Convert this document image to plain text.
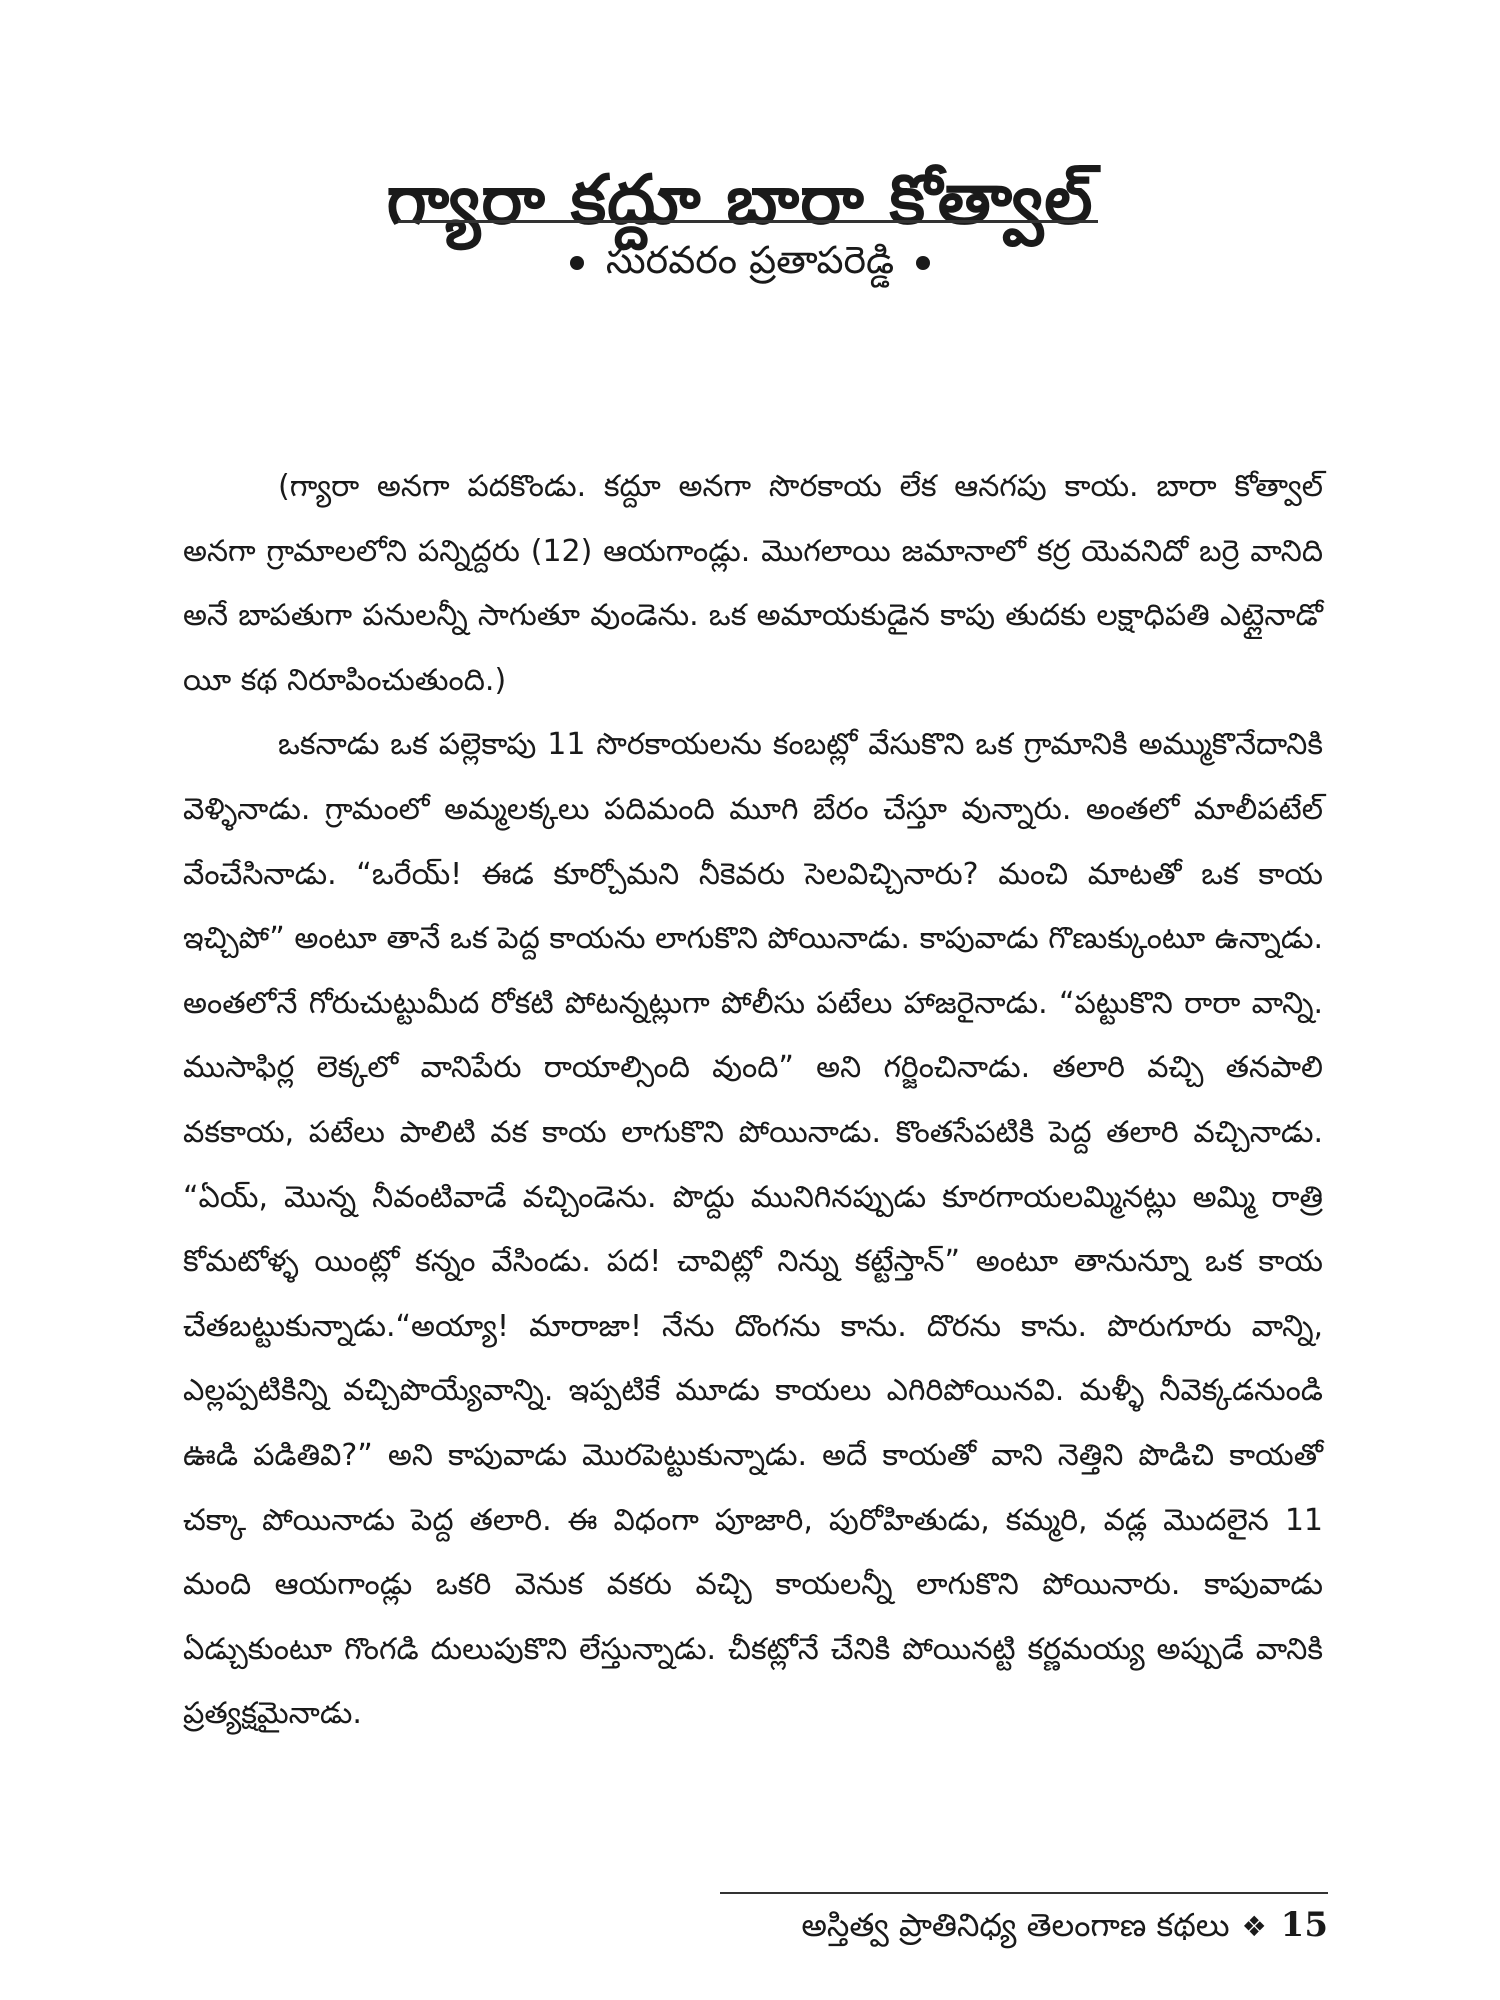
గ్యారా కద్దూ బారా కోత్వాల్
సురవరం ప్రతాపరెడ్డి

(గ్యారా అనగా పదకొండు. కద్దూ అనగా సొరకాయ లేక ఆనగపు కాయ. బారా కోత్వాల్ అనగా గ్రామాలలోని పన్నిద్దరు (12) ఆయగాండ్లు. మొగలాయి జమానాలో కర్ర యెవనిదో బర్రె వానిది అనే బాపతుగా పనులన్నీ సాగుతూ వుండెను. ఒక అమాయకుడైన కాపు తుదకు లక్షాధిపతి ఎట్లైనాడో యీ కథ నిరూపించుతుంది.)

ఒకనాడు ఒక పల్లెకాపు 11 సొరకాయలను కంబట్లో వేసుకొని ఒక గ్రామానికి అమ్ముకొనేదానికి వెళ్ళినాడు. గ్రామంలో అమ్మలక్కలు పదిమంది మూగి బేరం చేస్తూ వున్నారు. అంతలో మాలీపటేల్ వేంచేసినాడు. “ఒరేయ్! ఈడ కూర్చోమని నీకెవరు సెలవిచ్చినారు? మంచి మాటతో ఒక కాయ ఇచ్చిపో” అంటూ తానే ఒక పెద్ద కాయను లాగుకొని పోయినాడు. కాపువాడు గొణుక్కుంటూ ఉన్నాడు. అంతలోనే గోరుచుట్టుమీద రోకటి పోటన్నట్లుగా పోలీసు పటేలు హాజరైనాడు. “పట్టుకొని రారా వాన్ని. ముసాఫిర్ల లెక్కలో వానిపేరు రాయాల్సింది వుంది” అని గర్జించినాడు. తలారి వచ్చి తనపాలి వకకాయ, పటేలు పాలిటి వక కాయ లాగుకొని పోయినాడు. కొంతసేపటికి పెద్ద తలారి వచ్చినాడు. “ఏయ్, మొన్న నీవంటివాడే వచ్చిండెను. పొద్దు మునిగినప్పుడు కూరగాయలమ్మినట్లు అమ్మి రాత్రి కోమటోళ్ళ యింట్లో కన్నం వేసిండు. పద! చావిట్లో నిన్ను కట్టేస్తాన్” అంటూ తానున్నూ ఒక కాయ చేతబట్టుకున్నాడు.“అయ్యా! మారాజా! నేను దొంగను కాను. దొరను కాను. పొరుగూరు వాన్ని, ఎల్లప్పటికిన్ని వచ్చిపొయ్యేవాన్ని. ఇప్పటికే మూడు కాయలు ఎగిరిపోయినవి. మళ్ళీ నీవెక్కడనుండి ఊడి పడితివి?” అని కాపువాడు మొరపెట్టుకున్నాడు. అదే కాయతో వాని నెత్తిని పొడిచి కాయతో చక్కా పోయినాడు పెద్ద తలారి. ఈ విధంగా పూజారి, పురోహితుడు, కమ్మరి, వడ్ల మొదలైన 11 మంది ఆయగాండ్లు ఒకరి వెనుక వకరు వచ్చి కాయలన్నీ లాగుకొని పోయినారు. కాపువాడు ఏడ్చుకుంటూ గొంగడి దులుపుకొని లేస్తున్నాడు. చీకట్లోనే చేనికి పోయినట్టి కర్ణమయ్య అప్పుడే వానికి ప్రత్యక్షమైనాడు.

అస్తిత్వ ప్రాతినిధ్య తెలంగాణ కథలు ❖ 15
